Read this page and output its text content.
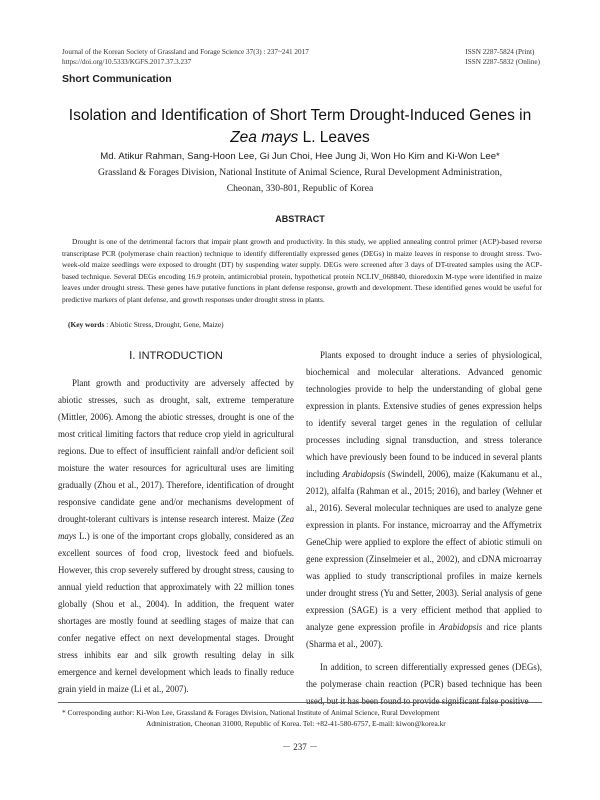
Journal of the Korean Society of Grassland and Forage Science 37(3) : 237~241 2017
https://doi.org/10.5333/KGFS.2017.37.3.237
ISSN 2287-5824 (Print)
ISSN 2287-5832 (Online)
Short Communication
Isolation and Identification of Short Term Drought-Induced Genes in
Zea mays L. Leaves
Md. Atikur Rahman, Sang-Hoon Lee, Gi Jun Choi, Hee Jung Ji, Won Ho Kim and Ki-Won Lee*
Grassland & Forages Division, National Institute of Animal Science, Rural Development Administration,
Cheonan, 330-801, Republic of Korea
ABSTRACT
Drought is one of the detrimental factors that impair plant growth and productivity. In this study, we applied annealing control primer (ACP)-based reverse transcriptase PCR (polymerase chain reaction) technique to identify differentially expressed genes (DEGs) in maize leaves in response to drought stress. Two-week-old maize seedlings were exposed to drought (DT) by suspending water supply. DEGs were screened after 3 days of DT-treated samples using the ACP-based technique. Several DEGs encoding 16.9 protein, antimicrobial protein, hypothetical protein NCLIV_068840, thioredoxin M-type were identified in maize leaves under drought stress. These genes have putative functions in plant defense response, growth and development. These identified genes would be useful for predictive markers of plant defense, and growth responses under drought stress in plants.
(Key words : Abiotic Stress, Drought, Gene, Maize)
Ⅰ. INTRODUCTION

Plant growth and productivity are adversely affected by abiotic stresses, such as drought, salt, extreme temperature (Mittler, 2006). Among the abiotic stresses, drought is one of the most critical limiting factors that reduce crop yield in agricultural regions. Due to effect of insufficient rainfall and/or deficient soil moisture the water resources for agricultural uses are limiting gradually (Zhou et al., 2017). Therefore, identification of drought responsive candidate gene and/or mechanisms development of drought-tolerant cultivars is intense research interest. Maize (Zea mays L.) is one of the important crops globally, considered as an excellent sources of food crop, livestock feed and biofuels. However, this crop severely suffered by drought stress, causing to annual yield reduction that approximately with 22 million tones globally (Shou et al., 2004). In addition, the frequent water shortages are mostly found at seedling stages of maize that can confer negative effect on next developmental stages. Drought stress inhibits ear and silk growth resulting delay in silk emergence and kernel development which leads to finally reduce grain yield in maize (Li et al., 2007).

Plants exposed to drought induce a series of physiological, biochemical and molecular alterations. Advanced genomic technologies provide to help the understanding of global gene expression in plants. Extensive studies of genes expression helps to identify several target genes in the regulation of cellular processes including signal transduction, and stress tolerance which have previously been found to be induced in several plants including Arabidopsis (Swindell, 2006), maize (Kakumanu et al., 2012), alfalfa (Rahman et al., 2015; 2016), and barley (Wehner et al., 2016). Several molecular techniques are used to analyze gene expression in plants. For instance, microarray and the Affymetrix GeneChip were applied to explore the effect of abiotic stimuli on gene expression (Zinselmeier et al., 2002), and cDNA microarray was applied to study transcriptional profiles in maize kernels under drought stress (Yu and Setter, 2003). Serial analysis of gene expression (SAGE) is a very efficient method that applied to analyze gene expression profile in Arabidopsis and rice plants (Sharma et al., 2007).

In addition, to screen differentially expressed genes (DEGs), the polymerase chain reaction (PCR) based technique has been used, but it has been found to provide significant false positive

* Corresponding author: Ki-Won Lee, Grassland & Forages Division, National Institute of Animal Science, Rural Development
Administration, Cheonan 31000, Republic of Korea. Tel: +82-41-580-6757, E-mail: kiwon@korea.kr
－ 237 －
